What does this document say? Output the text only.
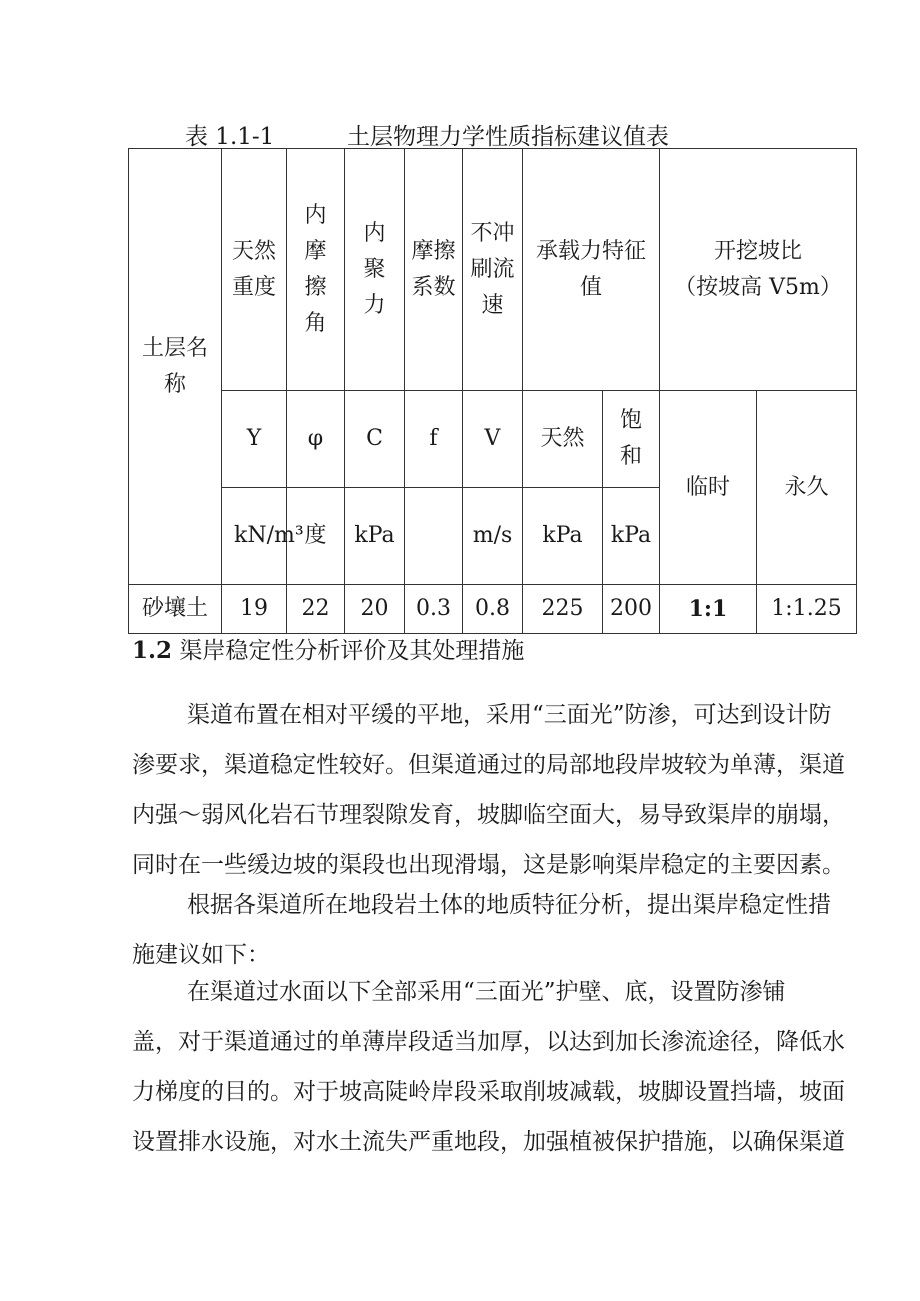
表 1.1-1	土层物理力学性质指标建议值表
土层名称	天然重度	内摩擦角	内聚力	摩擦系数	不冲刷流速	承载力特征值		开挖坡比
（按坡高 V5m）	

	Y	φ	C	f	V	天然	饱和	临时	永久
	kN/m³	度	kPa		m/s	kPa	kPa		
砂壤土	19	22	20	0.3	0.8	225	200	1:1	1:1.25
1.2 渠岸稳定性分析评价及其处理措施

渠道布置在相对平缓的平地，采用“三面光”防渗，可达到设计防
渗要求，渠道稳定性较好。但渠道通过的局部地段岸坡较为单薄，渠道
内强～弱风化岩石节理裂隙发育，坡脚临空面大，易导致渠岸的崩塌，
同时在一些缓边坡的渠段也出现滑塌，这是影响渠岸稳定的主要因素。

根据各渠道所在地段岩土体的地质特征分析，提出渠岸稳定性措
施建议如下：

在渠道过水面以下全部采用“三面光”护壁、底，设置防渗铺
盖，对于渠道通过的单薄岸段适当加厚，以达到加长渗流途径，降低水
力梯度的目的。对于坡高陡岭岸段采取削坡减载，坡脚设置挡墙，坡面
设置排水设施，对水土流失严重地段，加强植被保护措施，以确保渠道
